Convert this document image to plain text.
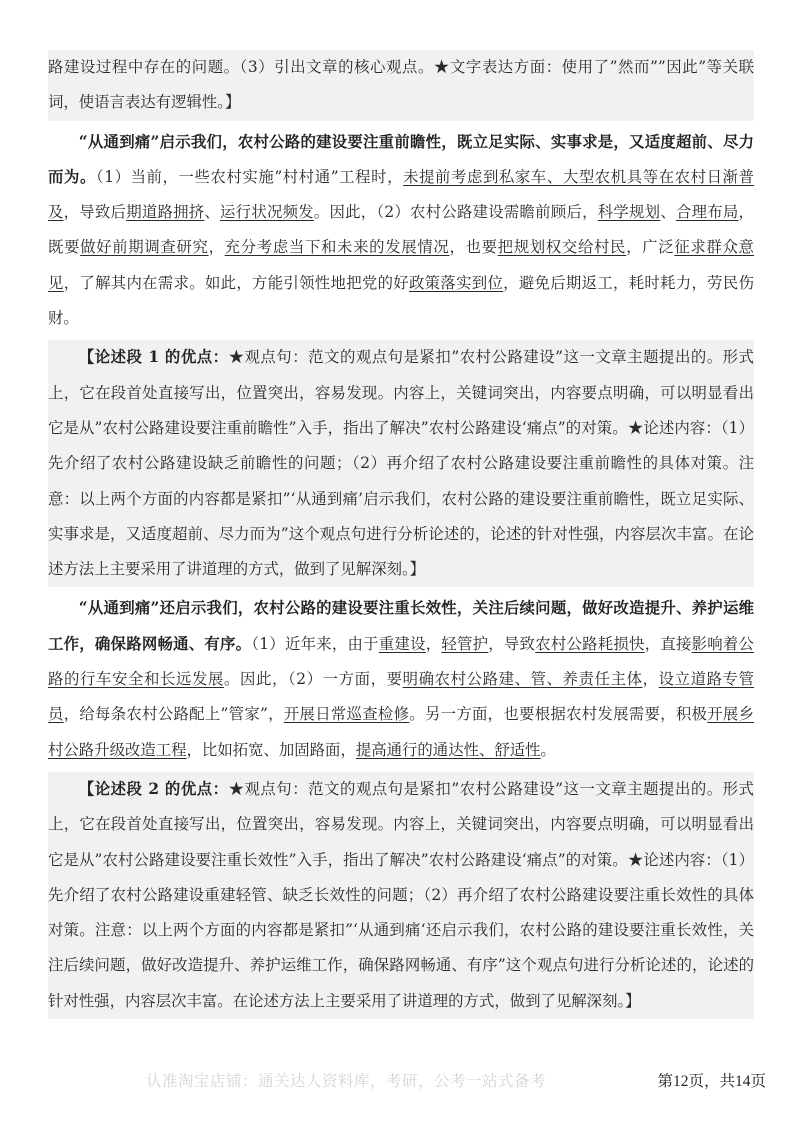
路建设过程中存在的问题。（3）引出文章的核心观点。★文字表达方面：使用了”然而””因此”等关联词，使语言表达有逻辑性。】

“从通到痛”启示我们，农村公路的建设要注重前瞻性，既立足实际、实事求是，又适度超前、尽力而为。（1）当前，一些农村实施”村村通”工程时，未提前考虑到私家车、大型农机具等在农村日渐普及，导致后期道路拥挤、运行状况频发。因此，（2）农村公路建设需瞻前顾后，科学规划、合理布局，既要做好前期调查研究，充分考虑当下和未来的发展情况，也要把规划权交给村民，广泛征求群众意见，了解其内在需求。如此，方能引领性地把党的好政策落实到位，避免后期返工，耗时耗力，劳民伤财。

【论述段 1 的优点：★观点句：范文的观点句是紧扣”农村公路建设”这一文章主题提出的。形式上，它在段首处直接写出，位置突出，容易发现。内容上，关键词突出，内容要点明确，可以明显看出它是从”农村公路建设要注重前瞻性”入手，指出了解决”农村公路建设‘痛点”的对策。★论述内容：（1）先介绍了农村公路建设缺乏前瞻性的问题；（2）再介绍了农村公路建设要注重前瞻性的具体对策。注意：以上两个方面的内容都是紧扣”‘从通到痛’启示我们，农村公路的建设要注重前瞻性，既立足实际、实事求是，又适度超前、尽力而为”这个观点句进行分析论述的，论述的针对性强，内容层次丰富。在论述方法上主要采用了讲道理的方式，做到了见解深刻。】

“从通到痛”还启示我们，农村公路的建设要注重长效性，关注后续问题，做好改造提升、养护运维工作，确保路网畅通、有序。（1）近年来，由于重建设，轻管护，导致农村公路耗损快，直接影响着公路的行车安全和长远发展。因此，（2）一方面，要明确农村公路建、管、养责任主体，设立道路专管员，给每条农村公路配上”管家”，开展日常巡查检修。另一方面，也要根据农村发展需要，积极开展乡村公路升级改造工程，比如拓宽、加固路面，提高通行的通达性、舒适性。

【论述段 2 的优点：★观点句：范文的观点句是紧扣”农村公路建设”这一文章主题提出的。形式上，它在段首处直接写出，位置突出，容易发现。内容上，关键词突出，内容要点明确，可以明显看出它是从”农村公路建设要注重长效性”入手，指出了解决”农村公路建设‘痛点”的对策。★论述内容：（1）先介绍了农村公路建设重建轻管、缺乏长效性的问题；（2）再介绍了农村公路建设要注重长效性的具体对策。注意：以上两个方面的内容都是紧扣”‘从通到痛‘还启示我们，农村公路的建设要注重长效性，关注后续问题，做好改造提升、养护运维工作，确保路网畅通、有序”这个观点句进行分析论述的，论述的针对性强，内容层次丰富。在论述方法上主要采用了讲道理的方式，做到了见解深刻。】

认准淘宝店铺：通关达人资料库，考研，公考一站式备考	第12页，共14页
